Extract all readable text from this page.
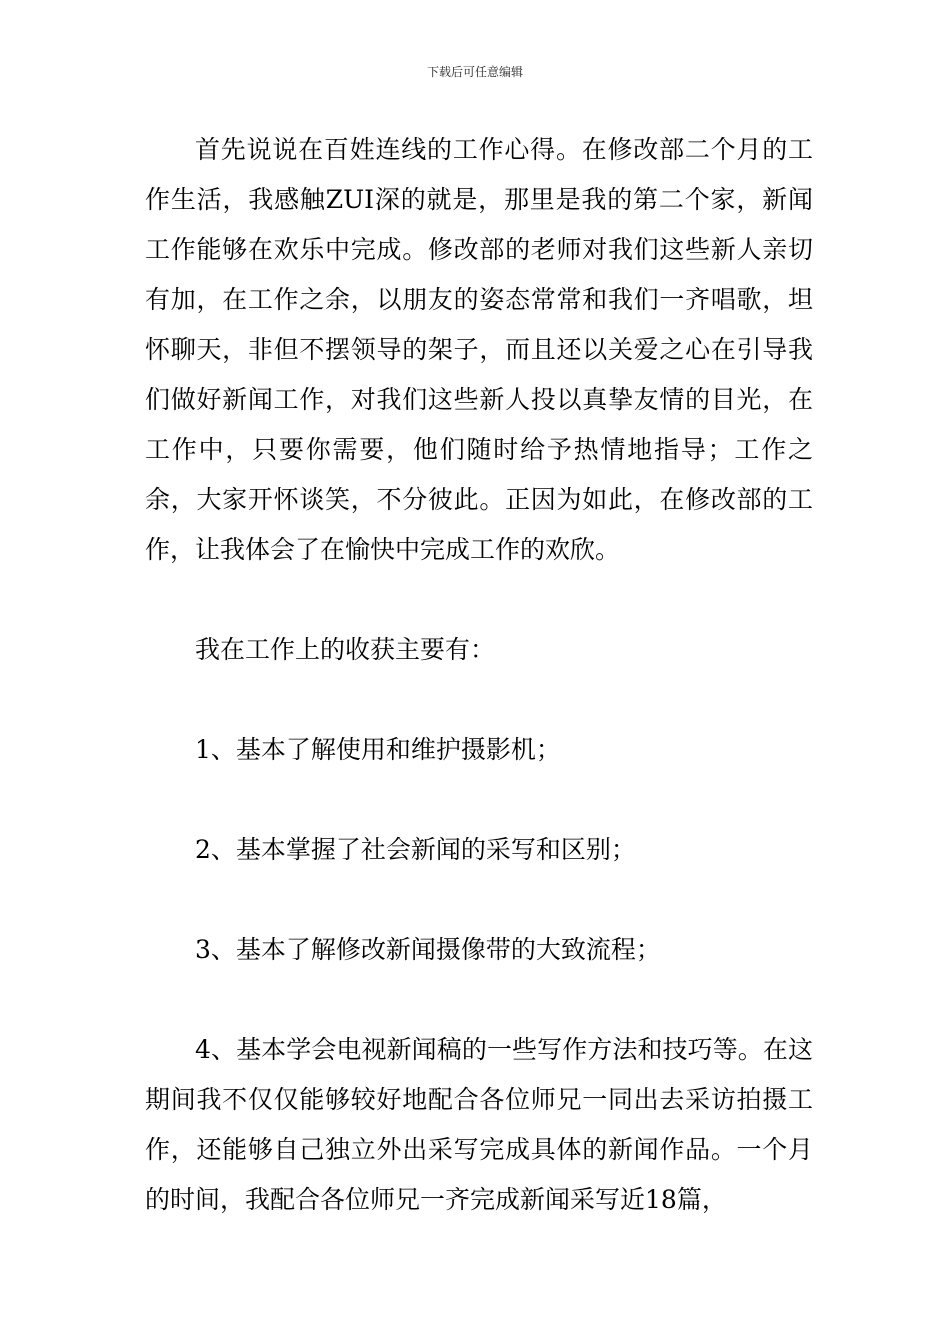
下载后可任意编辑

首先说说在百姓连线的工作心得。在修改部二个月的工作生活，我感触ZUI深的就是，那里是我的第二个家，新闻工作能够在欢乐中完成。修改部的老师对我们这些新人亲切有加，在工作之余，以朋友的姿态常常和我们一齐唱歌，坦怀聊天，非但不摆领导的架子，而且还以关爱之心在引导我们做好新闻工作，对我们这些新人投以真挚友情的目光，在工作中，只要你需要，他们随时给予热情地指导；工作之余，大家开怀谈笑，不分彼此。正因为如此，在修改部的工作，让我体会了在愉快中完成工作的欢欣。

我在工作上的收获主要有：

1、基本了解使用和维护摄影机；

2、基本掌握了社会新闻的采写和区别；

3、基本了解修改新闻摄像带的大致流程；

4、基本学会电视新闻稿的一些写作方法和技巧等。在这期间我不仅仅能够较好地配合各位师兄一同出去采访拍摄工作，还能够自己独立外出采写完成具体的新闻作品。一个月的时间，我配合各位师兄一齐完成新闻采写近18篇，
